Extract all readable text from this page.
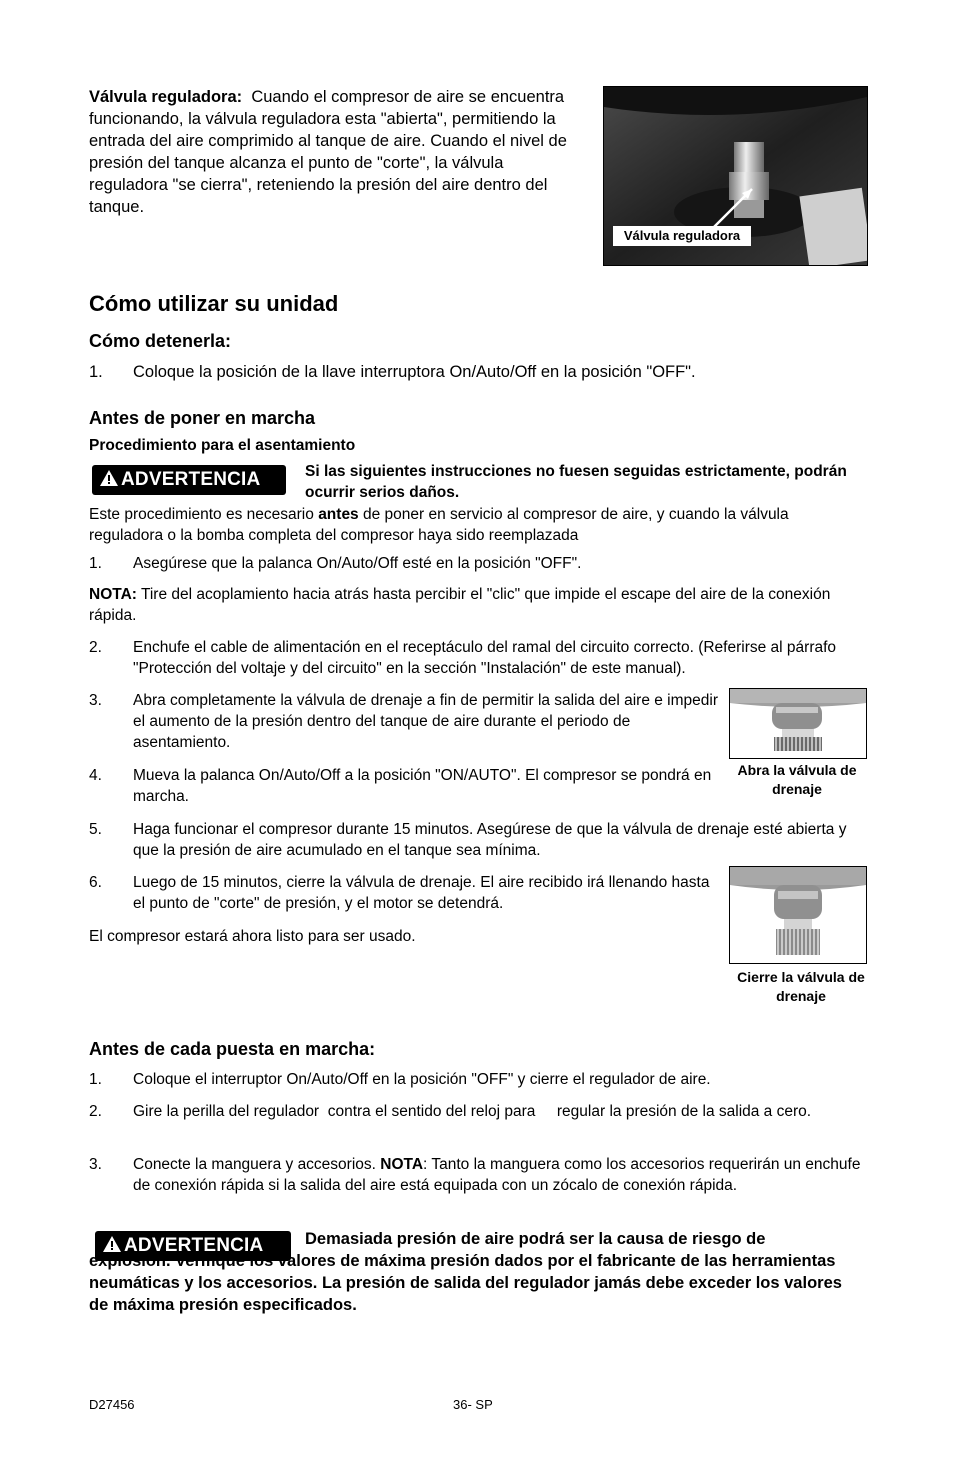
Válvula reguladora: Cuando el compresor de aire se encuentra funcionando, la válvula reguladora esta "abierta", permitiendo la entrada del aire comprimido al tanque de aire. Cuando el nivel de presión del tanque alcanza el punto de "corte", la válvula reguladora "se cierra", reteniendo la presión del aire dentro del tanque.
Válvula reguladora
Cómo utilizar su unidad
Cómo detenerla:
1. Coloque la posición de la llave interruptora On/Auto/Off en la posición "OFF".
Antes de poner en marcha
Procedimiento para el asentamiento
ADVERTENCIA	Si las siguientes instrucciones no fuesen seguidas estrictamente, podrán ocurrir serios daños.
Este procedimiento es necesario antes de poner en servicio al compresor de aire, y cuando la válvula reguladora o la bomba completa del compresor haya sido reemplazada
1. Asegúrese que la palanca On/Auto/Off esté en la posición "OFF".
NOTA: Tire del acoplamiento hacia atrás hasta percibir el "clic" que impide el escape del aire de la conexión rápida.
2. Enchufe el cable de alimentación en el receptáculo del ramal del circuito correcto. (Referirse al párrafo "Protección del voltaje y del circuito" en la sección "Instalación" de este manual).
3. Abra completamente la válvula de drenaje a fin de permitir la salida del aire e impedir el aumento de la presión dentro del tanque de aire durante el periodo de asentamiento.
4. Mueva la palanca On/Auto/Off a la posición "ON/AUTO". El compresor se pondrá en marcha.
5. Haga funcionar el compresor durante 15 minutos. Asegúrese de que la válvula de drenaje esté abierta y que la presión de aire acumulado en el tanque sea mínima.
6. Luego de 15 minutos, cierre la válvula de drenaje. El aire recibido irá llenando hasta el punto de "corte" de presión, y el motor se detendrá.
El compresor estará ahora listo para ser usado.
Abra la válvula de drenaje
Cierre la válvula de drenaje
Antes de cada puesta en marcha:
1. Coloque el interruptor On/Auto/Off en la posición "OFF" y cierre el regulador de aire.
2. Gire la perilla del regulador  contra el sentido del reloj para     regular la presión de la salida a cero.
3. Conecte la manguera y accesorios. NOTA: Tanto la manguera como los accesorios requerirán un enchufe de conexión rápida si la salida del aire está equipada con un zócalo de conexión rápida.
ADVERTENCIA	Demasiada presión de aire podrá ser la causa de riesgo de explosión. Verifique los valores de máxima presión dados por el fabricante de las herramientas neumáticas y los accesorios. La presión de salida del regulador jamás debe exceder los valores de máxima presión especificados.
D27456	36- SP
